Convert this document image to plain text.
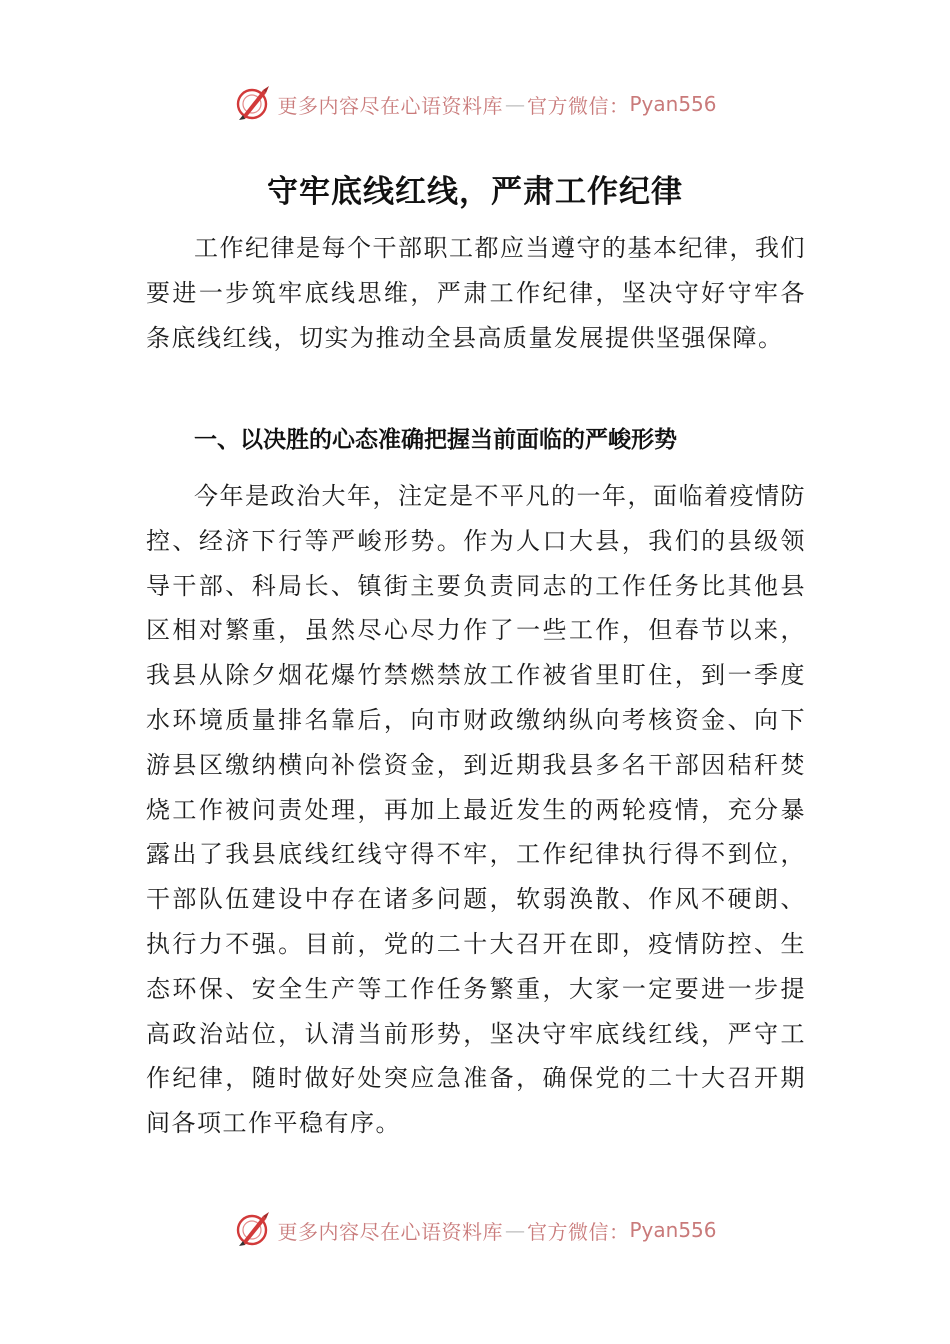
更多内容尽在心语资料库 — 官方微信： Pyan556
守牢底线红线，严肃工作纪律

工作纪律是每个干部职工都应当遵守的基本纪律，我们要进一步筑牢底线思维，严肃工作纪律，坚决守好守牢各条底线红线，切实为推动全县高质量发展提供坚强保障。

一、以决胜的心态准确把握当前面临的严峻形势

今年是政治大年，注定是不平凡的一年，面临着疫情防控、经济下行等严峻形势。作为人口大县，我们的县级领导干部、科局长、镇街主要负责同志的工作任务比其他县区相对繁重，虽然尽心尽力作了一些工作，但春节以来，我县从除夕烟花爆竹禁燃禁放工作被省里盯住，到一季度水环境质量排名靠后，向市财政缴纳纵向考核资金、向下游县区缴纳横向补偿资金，到近期我县多名干部因秸秆焚烧工作被问责处理，再加上最近发生的两轮疫情，充分暴露出了我县底线红线守得不牢，工作纪律执行得不到位，干部队伍建设中存在诸多问题，软弱涣散、作风不硬朗、执行力不强。目前，党的二十大召开在即，疫情防控、生态环保、安全生产等工作任务繁重，大家一定要进一步提高政治站位，认清当前形势，坚决守牢底线红线，严守工作纪律，随时做好处突应急准备，确保党的二十大召开期间各项工作平稳有序。

更多内容尽在心语资料库 — 官方微信： Pyan556
